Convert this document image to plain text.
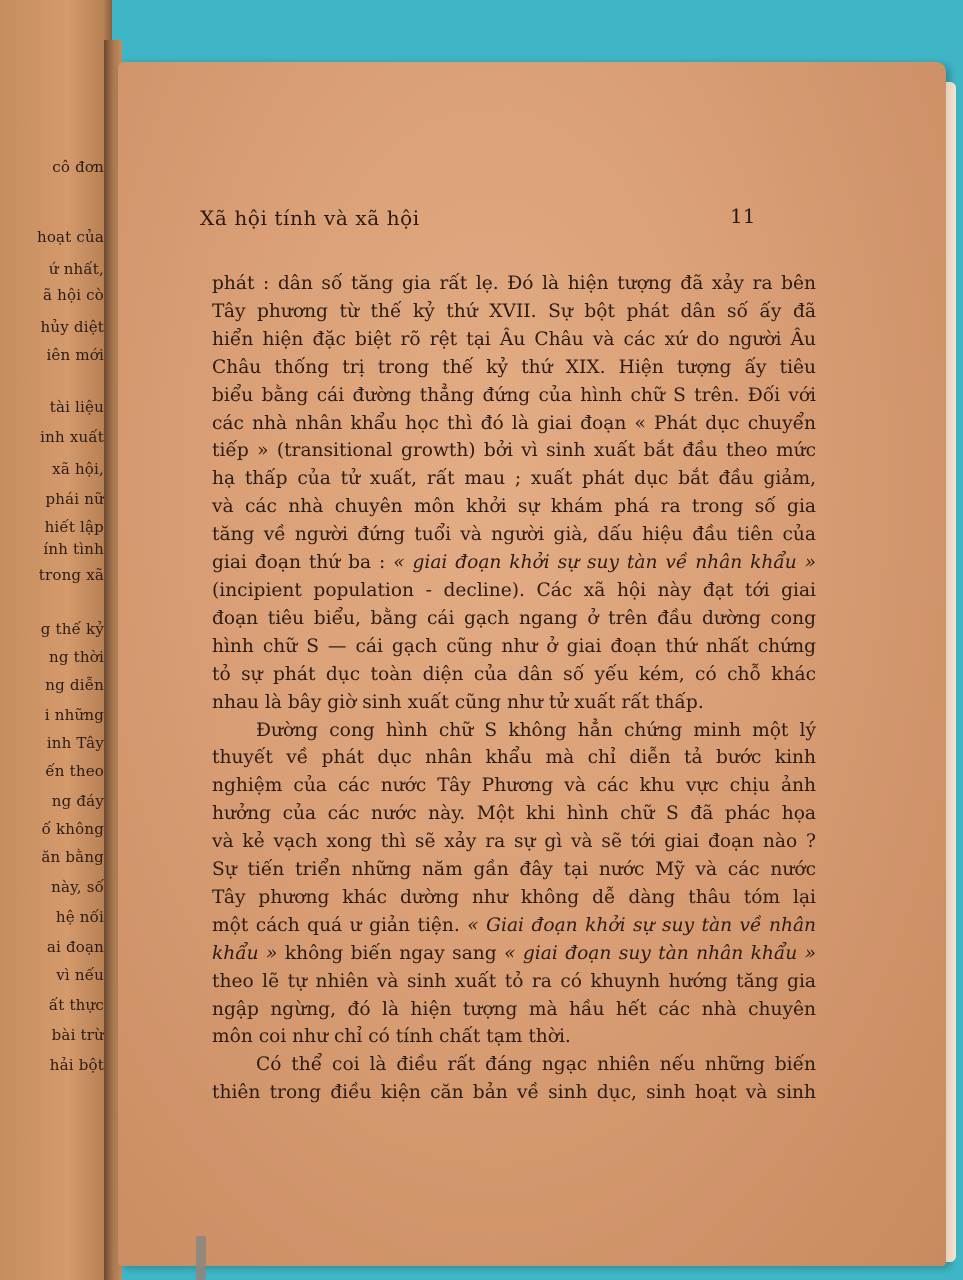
cô đơn
hoạt của
ứ nhất,
ã hội cò
hủy diệt
iên mới
tài liệu
inh xuất
xã hội,
phái nữ
hiết lập
ính tình
trong xã
g thế kỷ
ng thời
ng diễn
i những
inh Tây
ến theo
ng đáy
ố không
ăn bằng
này, số
hệ nối
ai đoạn
vì nếu
ất thực
bài trừ
hải bột
Xã hội tính và xã hội	11
phát : dân số tăng gia rất lẹ. Đó là hiện tượng đã xảy ra bên
Tây phương từ thế kỷ thứ XVII. Sự bột phát dân số ấy đã
hiển hiện đặc biệt rõ rệt tại Âu Châu và các xứ do người Âu
Châu thống trị trong thế kỷ thứ XIX. Hiện tượng ấy tiêu
biểu bằng cái đường thẳng đứng của hình chữ S trên. Đối với
các nhà nhân khẩu học thì đó là giai đoạn « Phát dục chuyển
tiếp » (transitional growth) bởi vì sinh xuất bắt đầu theo mức
hạ thấp của tử xuất, rất mau ; xuất phát dục bắt đầu giảm,
và các nhà chuyên môn khởi sự khám phá ra trong số gia
tăng về người đứng tuổi và người già, dấu hiệu đầu tiên của
giai đoạn thứ ba : « giai đoạn khởi sự suy tàn về nhân khẩu »
(incipient population - decline). Các xã hội này đạt tới giai
đoạn tiêu biểu, bằng cái gạch ngang ở trên đầu dường cong
hình chữ S — cái gạch cũng như ở giai đoạn thứ nhất chứng
tỏ sự phát dục toàn diện của dân số yếu kém, có chỗ khác
nhau là bây giờ sinh xuất cũng như tử xuất rất thấp.
Đường cong hình chữ S không hẳn chứng minh một lý
thuyết về phát dục nhân khẩu mà chỉ diễn tả bước kinh
nghiệm của các nước Tây Phương và các khu vực chịu ảnh
hưởng của các nước này. Một khi hình chữ S đã phác họa
và kẻ vạch xong thì sẽ xảy ra sự gì và sẽ tới giai đoạn nào ?
Sự tiến triển những năm gần đây tại nước Mỹ và các nước
Tây phương khác dường như không dễ dàng thâu tóm lại
một cách quá ư giản tiện. « Giai đoạn khởi sự suy tàn về nhân
khẩu » không biến ngay sang « giai đoạn suy tàn nhân khẩu »
theo lẽ tự nhiên và sinh xuất tỏ ra có khuynh hướng tăng gia
ngập ngừng, đó là hiện tượng mà hầu hết các nhà chuyên
môn coi như chỉ có tính chất tạm thời.
Có thể coi là điều rất đáng ngạc nhiên nếu những biến
thiên trong điều kiện căn bản về sinh dục, sinh hoạt và sinh
